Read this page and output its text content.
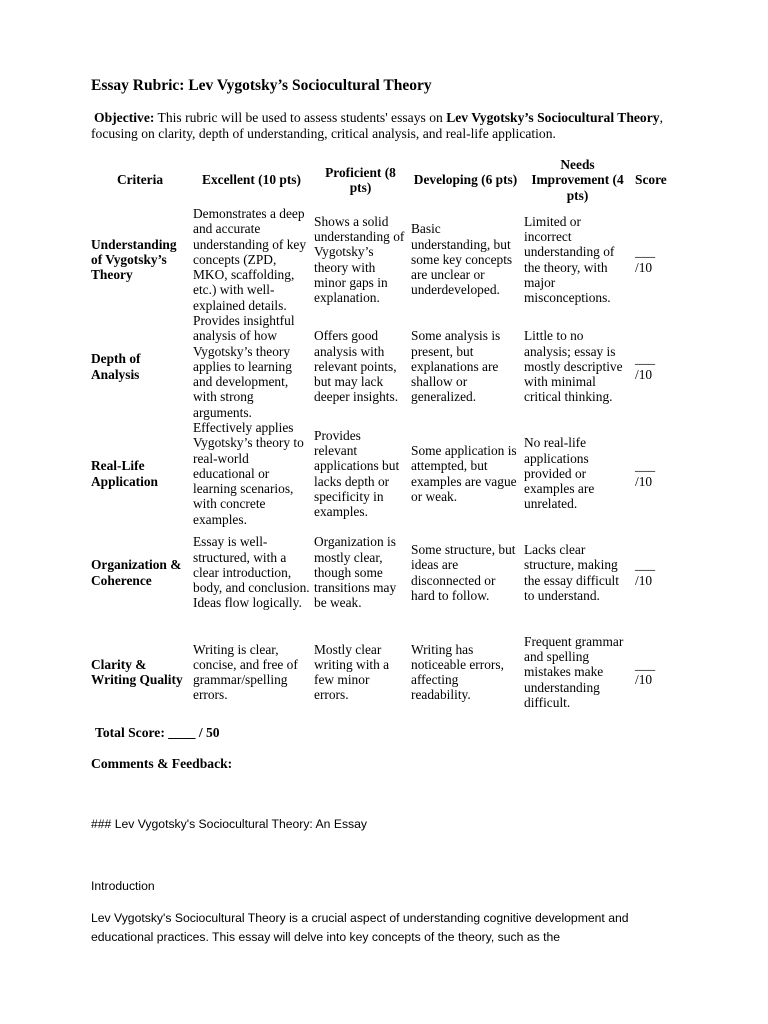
Essay Rubric: Lev Vygotsky’s Sociocultural Theory
Objective: This rubric will be used to assess students' essays on Lev Vygotsky’s Sociocultural Theory, focusing on clarity, depth of understanding, critical analysis, and real-life application.
Criteria	Excellent (10 pts)	Proficient (8 pts)	Developing (6 pts)	Needs Improvement (4 pts)	Score
Understanding of Vygotsky’s Theory	Demonstrates a deep and accurate understanding of key concepts (ZPD, MKO, scaffolding, etc.) with well-explained details.	Shows a solid understanding of Vygotsky’s theory with minor gaps in explanation.	Basic understanding, but some key concepts are unclear or underdeveloped.	Limited or incorrect understanding of the theory, with major misconceptions.	___
/10

Depth of Analysis	Provides insightful analysis of how Vygotsky’s theory applies to learning and development, with strong arguments.	Offers good analysis with relevant points, but may lack deeper insights.	Some analysis is present, but explanations are shallow or generalized.	Little to no analysis; essay is mostly descriptive with minimal critical thinking.	___
/10

Real-Life Application	Effectively applies Vygotsky’s theory to real-world educational or learning scenarios, with concrete examples.	Provides relevant applications but lacks depth or specificity in examples.	Some application is attempted, but examples are vague or weak.	No real-life applications provided or examples are unrelated.	___
/10

Organization & Coherence	Essay is well-structured, with a clear introduction, body, and conclusion. Ideas flow logically.	Organization is mostly clear, though some transitions may be weak.	Some structure, but ideas are disconnected or hard to follow.	Lacks clear structure, making the essay difficult to understand.	___
/10

Clarity & Writing Quality	Writing is clear, concise, and free of grammar/spelling errors.	Mostly clear writing with a few minor errors.	Writing has noticeable errors, affecting readability.	Frequent grammar and spelling mistakes make understanding difficult.	___
/10
Total Score: ____ / 50
Comments & Feedback:
### Lev Vygotsky's Sociocultural Theory: An Essay
Introduction
Lev Vygotsky's Sociocultural Theory is a crucial aspect of understanding cognitive development and educational practices. This essay will delve into key concepts of the theory, such as the
